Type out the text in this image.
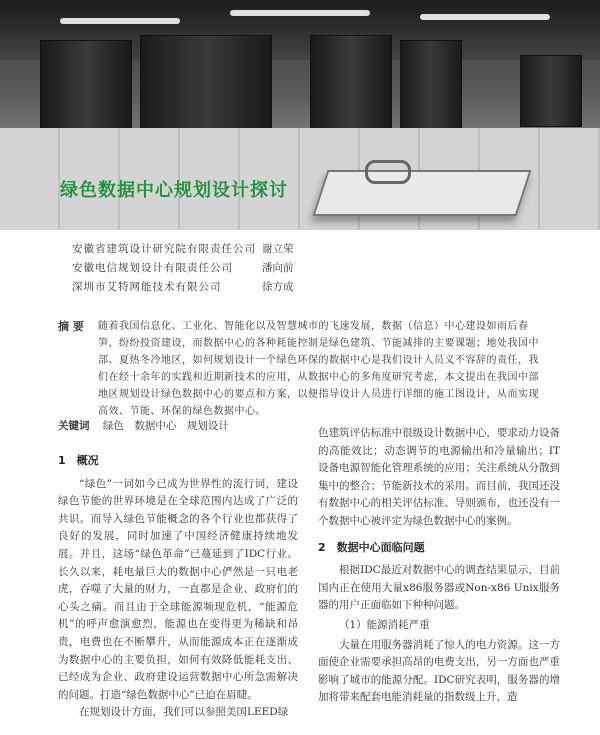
绿色数据中心规划设计探讨
安徽省建筑设计研究院有限责任公司 谢立荣
安徽电信规划设计有限责任公司	潘向前
深圳市艾特网能技术有限公司	徐方成
摘 要 随着我国信息化、工业化、智能化以及智慧城市的飞速发展，数据（信息）中心建设如雨后春笋，纷纷投资建设，而数据中心的各种耗能控制是绿色建筑、节能减排的主要课题；地处我国中部、夏热冬冷地区，如何规划设计一个绿色环保的数据中心是我们设计人员义不容辞的责任，我们在经十余年的实践和近期新技术的应用，从数据中心的多角度研究考虑，本文提出在我国中部地区规划设计绿色数据中心的要点和方案，以便指导设计人员进行详细的施工图设计，从而实现高效、节能、环保的绿色数据中心。
关键词 绿色　数据中心　规划设计
1　概况

“绿色”一词如今已成为世界性的流行词，建设绿色节能的世界环境是在全球范围内达成了广泛的共识。而导入绿色节能概念的各个行业也都获得了良好的发展，同时加速了中国经济健康持续地发展。并且，这场“绿色革命”已蔓延到了IDC行业。长久以来，耗电量巨大的数据中心俨然是一只电老虎，吞噬了大量的财力，一直都是企业、政府们的心头之痛。而且由于全球能源频现危机，“能源危机”的呼声愈演愈烈，能源也在变得更为稀缺和昂贵，电费也在不断攀升，从而能源成本正在逐渐成为数据中心的主要负担，如何有效降低能耗支出、已经成为企业、政府建设运营数据中心所急需解决的问题。打造“绿色数据中心”已迫在眉睫。

在规划设计方面，我们可以参照美国LEED绿

色建筑评估标准中很级设计数据中心，要求动力设备的高能效比；动态调节的电源输出和冷量输出；IT设备电源智能化管理系统的应用；关注系统从分散到集中的整合；节能新技术的采用。而目前，我国还没有数据中心的相关评估标准、导则颁布，也还没有一个数据中心被评定为绿色数据中心的案例。

2　数据中心面临问题

根据IDC最近对数据中心的调查结果显示，目前国内正在使用大量x86服务器或Non-x86 Unix服务器的用户正面临如下种种问题。

（1）能源消耗严重

大量在用服务器消耗了惊人的电力资源。这一方面使企业需要承担高昂的电费支出，另一方面也严重影响了城市的能源分配。IDC研究表明，服务器的增加将带来配套电能消耗量的指数级上升，造
